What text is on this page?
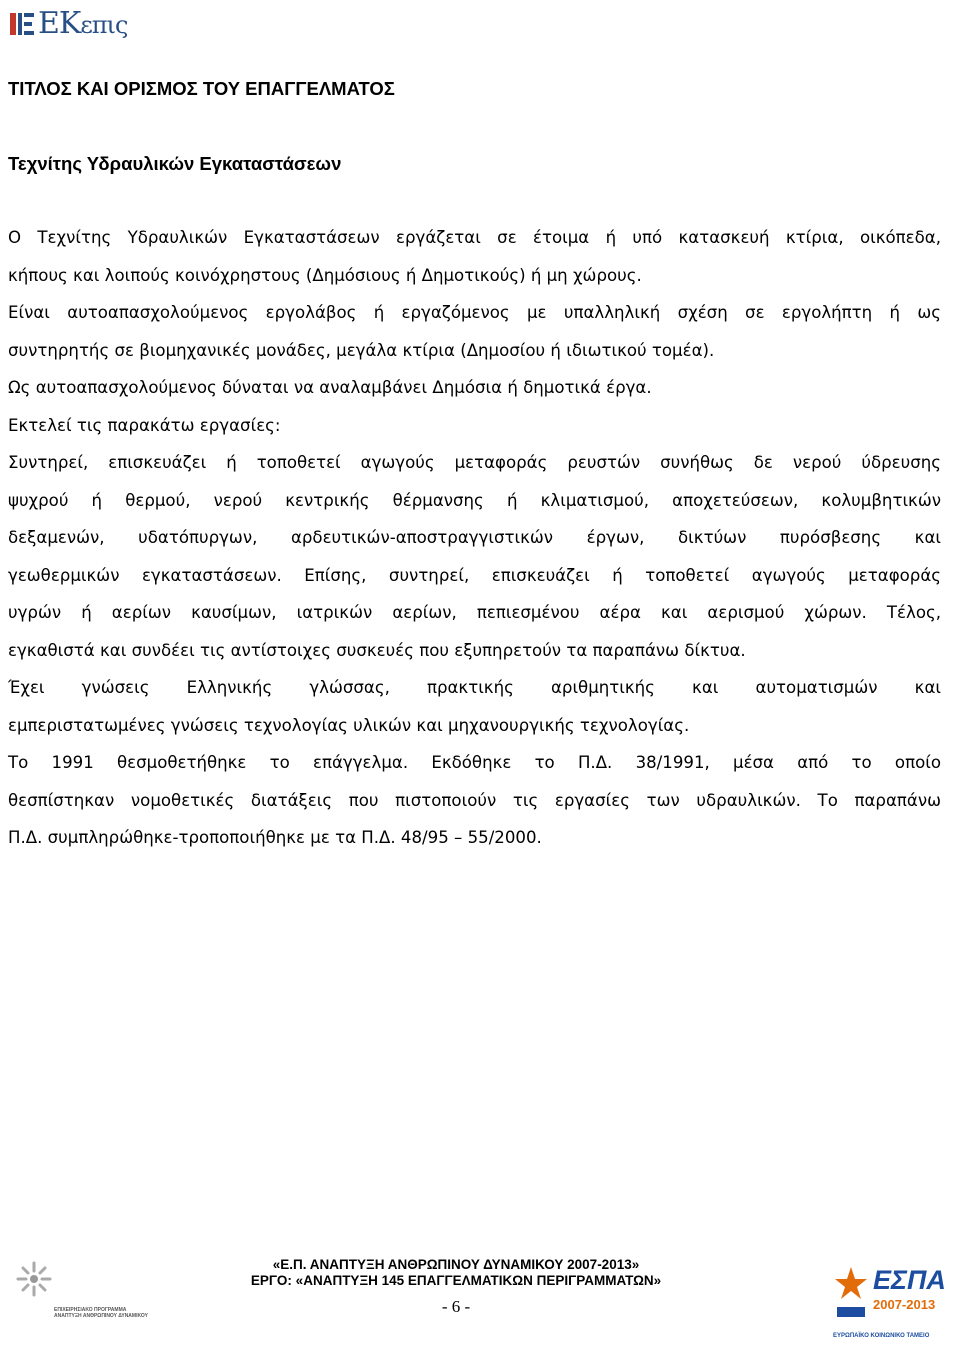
ΕΚεπις
ΤΙΤΛΟΣ ΚΑΙ ΟΡΙΣΜΟΣ ΤΟΥ ΕΠΑΓΓΕΛΜΑΤΟΣ
Τεχνίτης Υδραυλικών Εγκαταστάσεων

Ο Τεχνίτης Υδραυλικών Εγκαταστάσεων εργάζεται σε έτοιμα ή υπό κατασκευή κτίρια, οικόπεδα,

κήπους και λοιπούς κοινόχρηστους (Δημόσιους ή Δημοτικούς) ή μη χώρους.

Είναι αυτοαπασχολούμενος εργολάβος ή εργαζόμενος με υπαλληλική σχέση σε εργολήπτη ή ως

συντηρητής σε βιομηχανικές μονάδες, μεγάλα κτίρια (Δημοσίου ή ιδιωτικού τομέα).

Ως αυτοαπασχολούμενος δύναται να αναλαμβάνει Δημόσια ή δημοτικά έργα.

Εκτελεί τις παρακάτω εργασίες:

Συντηρεί, επισκευάζει ή τοποθετεί αγωγούς μεταφοράς ρευστών συνήθως δε νερού ύδρευσης

ψυχρού ή θερμού, νερού κεντρικής θέρμανσης ή κλιματισμού, αποχετεύσεων, κολυμβητικών

δεξαμενών, υδατόπυργων, αρδευτικών-αποστραγγιστικών έργων, δικτύων πυρόσβεσης και

γεωθερμικών εγκαταστάσεων. Επίσης, συντηρεί, επισκευάζει ή τοποθετεί αγωγούς μεταφοράς

υγρών ή αερίων καυσίμων, ιατρικών αερίων, πεπιεσμένου αέρα και αερισμού χώρων. Τέλος,

εγκαθιστά και συνδέει τις αντίστοιχες συσκευές που εξυπηρετούν τα παραπάνω δίκτυα.

Έχει γνώσεις Ελληνικής γλώσσας, πρακτικής αριθμητικής και αυτοματισμών και

εμπεριστατωμένες γνώσεις τεχνολογίας υλικών και μηχανουργικής τεχνολογίας.

Το 1991 θεσμοθετήθηκε το επάγγελμα. Εκδόθηκε το Π.Δ. 38/1991, μέσα από το οποίο

θεσπίστηκαν νομοθετικές διατάξεις που πιστοποιούν τις εργασίες των υδραυλικών. Το παραπάνω

Π.Δ. συμπληρώθηκε-τροποποιήθηκε με τα Π.Δ. 48/95 – 55/2000.

ΕΠΙΧΕΙΡΗΣΙΑΚΟ ΠΡΟΓΡΑΜΜΑ ΑΝΑΠΤΥΞΗ ΑΝΘΡΩΠΙΝΟΥ ΔΥΝΑΜΙΚΟΥ
«Ε.Π. ΑΝΑΠΤΥΞΗ ΑΝΘΡΩΠΙΝΟΥ ΔΥΝΑΜΙΚΟΥ 2007-2013»
ΕΡΓΟ: «ΑΝΑΠΤΥΞΗ 145 ΕΠΑΓΓΕΛΜΑΤΙΚΩΝ ΠΕΡΙΓΡΑΜΜΑΤΩΝ»
- 6 -
ΕΣΠΑ
2007-2013
ΕΥΡΩΠΑΪΚΟ ΚΟΙΝΩΝΙΚΟ ΤΑΜΕΙΟ
